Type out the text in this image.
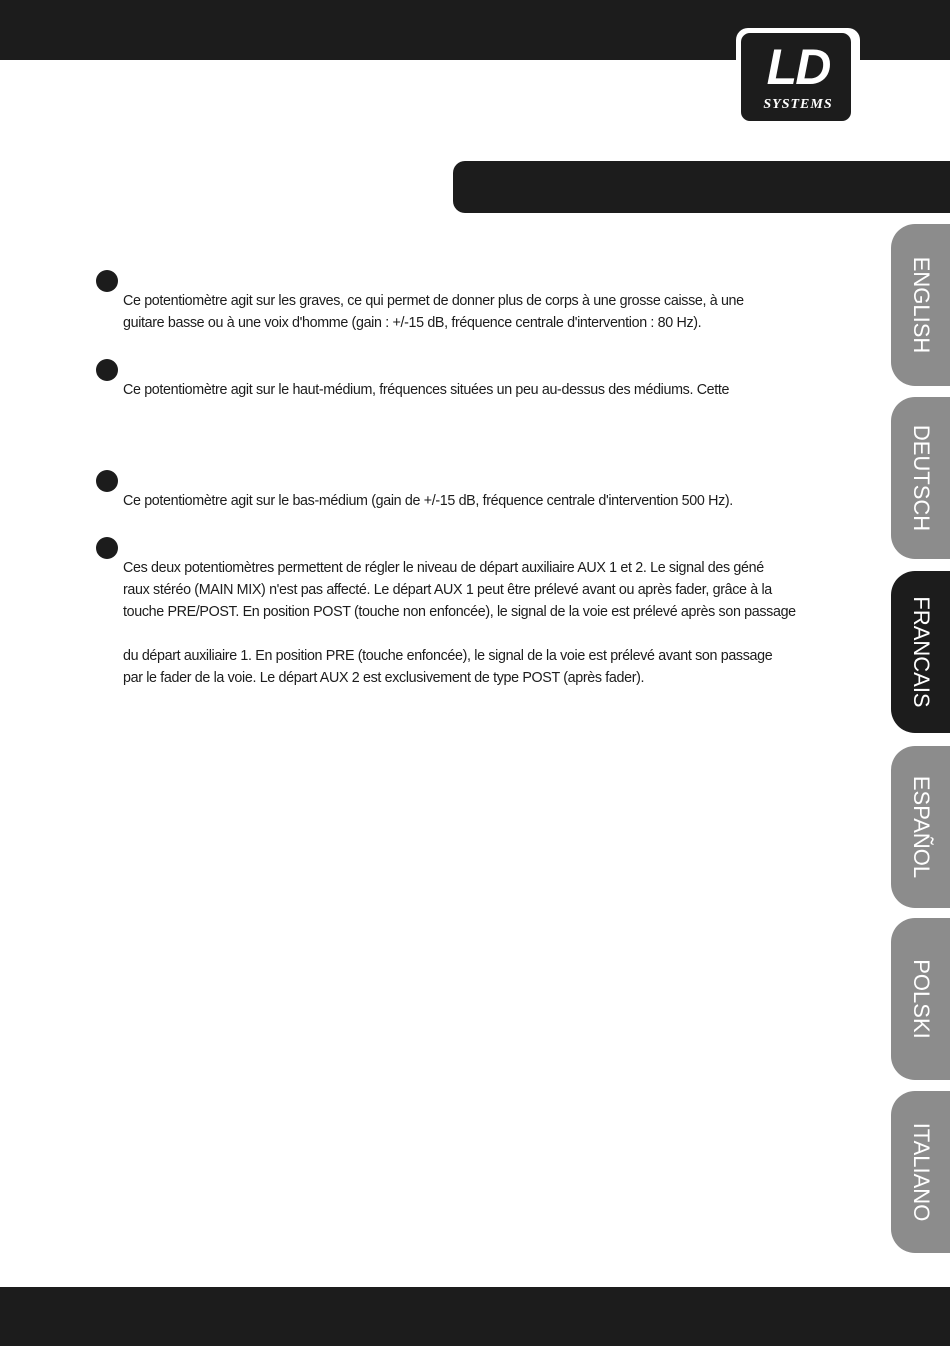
LD
SYSTEMS
ENGLISH
DEUTSCH
FRANCAIS
ESPAÑOL
POLSKI
ITALIANO
Ce potentiomètre agit sur les graves, ce qui permet de donner plus de corps à une grosse caisse, à une
guitare basse ou à une voix d'homme (gain : +/-15 dB, fréquence centrale d'intervention : 80 Hz).
Ce potentiomètre agit sur le haut-médium, fréquences situées un peu au-dessus des médiums. Cette
Ce potentiomètre agit sur le bas-médium (gain de +/-15 dB, fréquence centrale d'intervention 500 Hz).
Ces deux potentiomètres permettent de régler le niveau de départ auxiliaire AUX 1 et 2. Le signal des géné
raux stéréo (MAIN MIX) n'est pas affecté. Le départ AUX 1 peut être prélevé avant ou après fader, grâce à la
touche PRE/POST. En position POST (touche non enfoncée), le signal de la voie est prélevé après son passage
du départ auxiliaire 1. En position PRE (touche enfoncée), le signal de la voie est prélevé avant son passage
par le fader de la voie. Le départ AUX 2 est exclusivement de type POST (après fader).
